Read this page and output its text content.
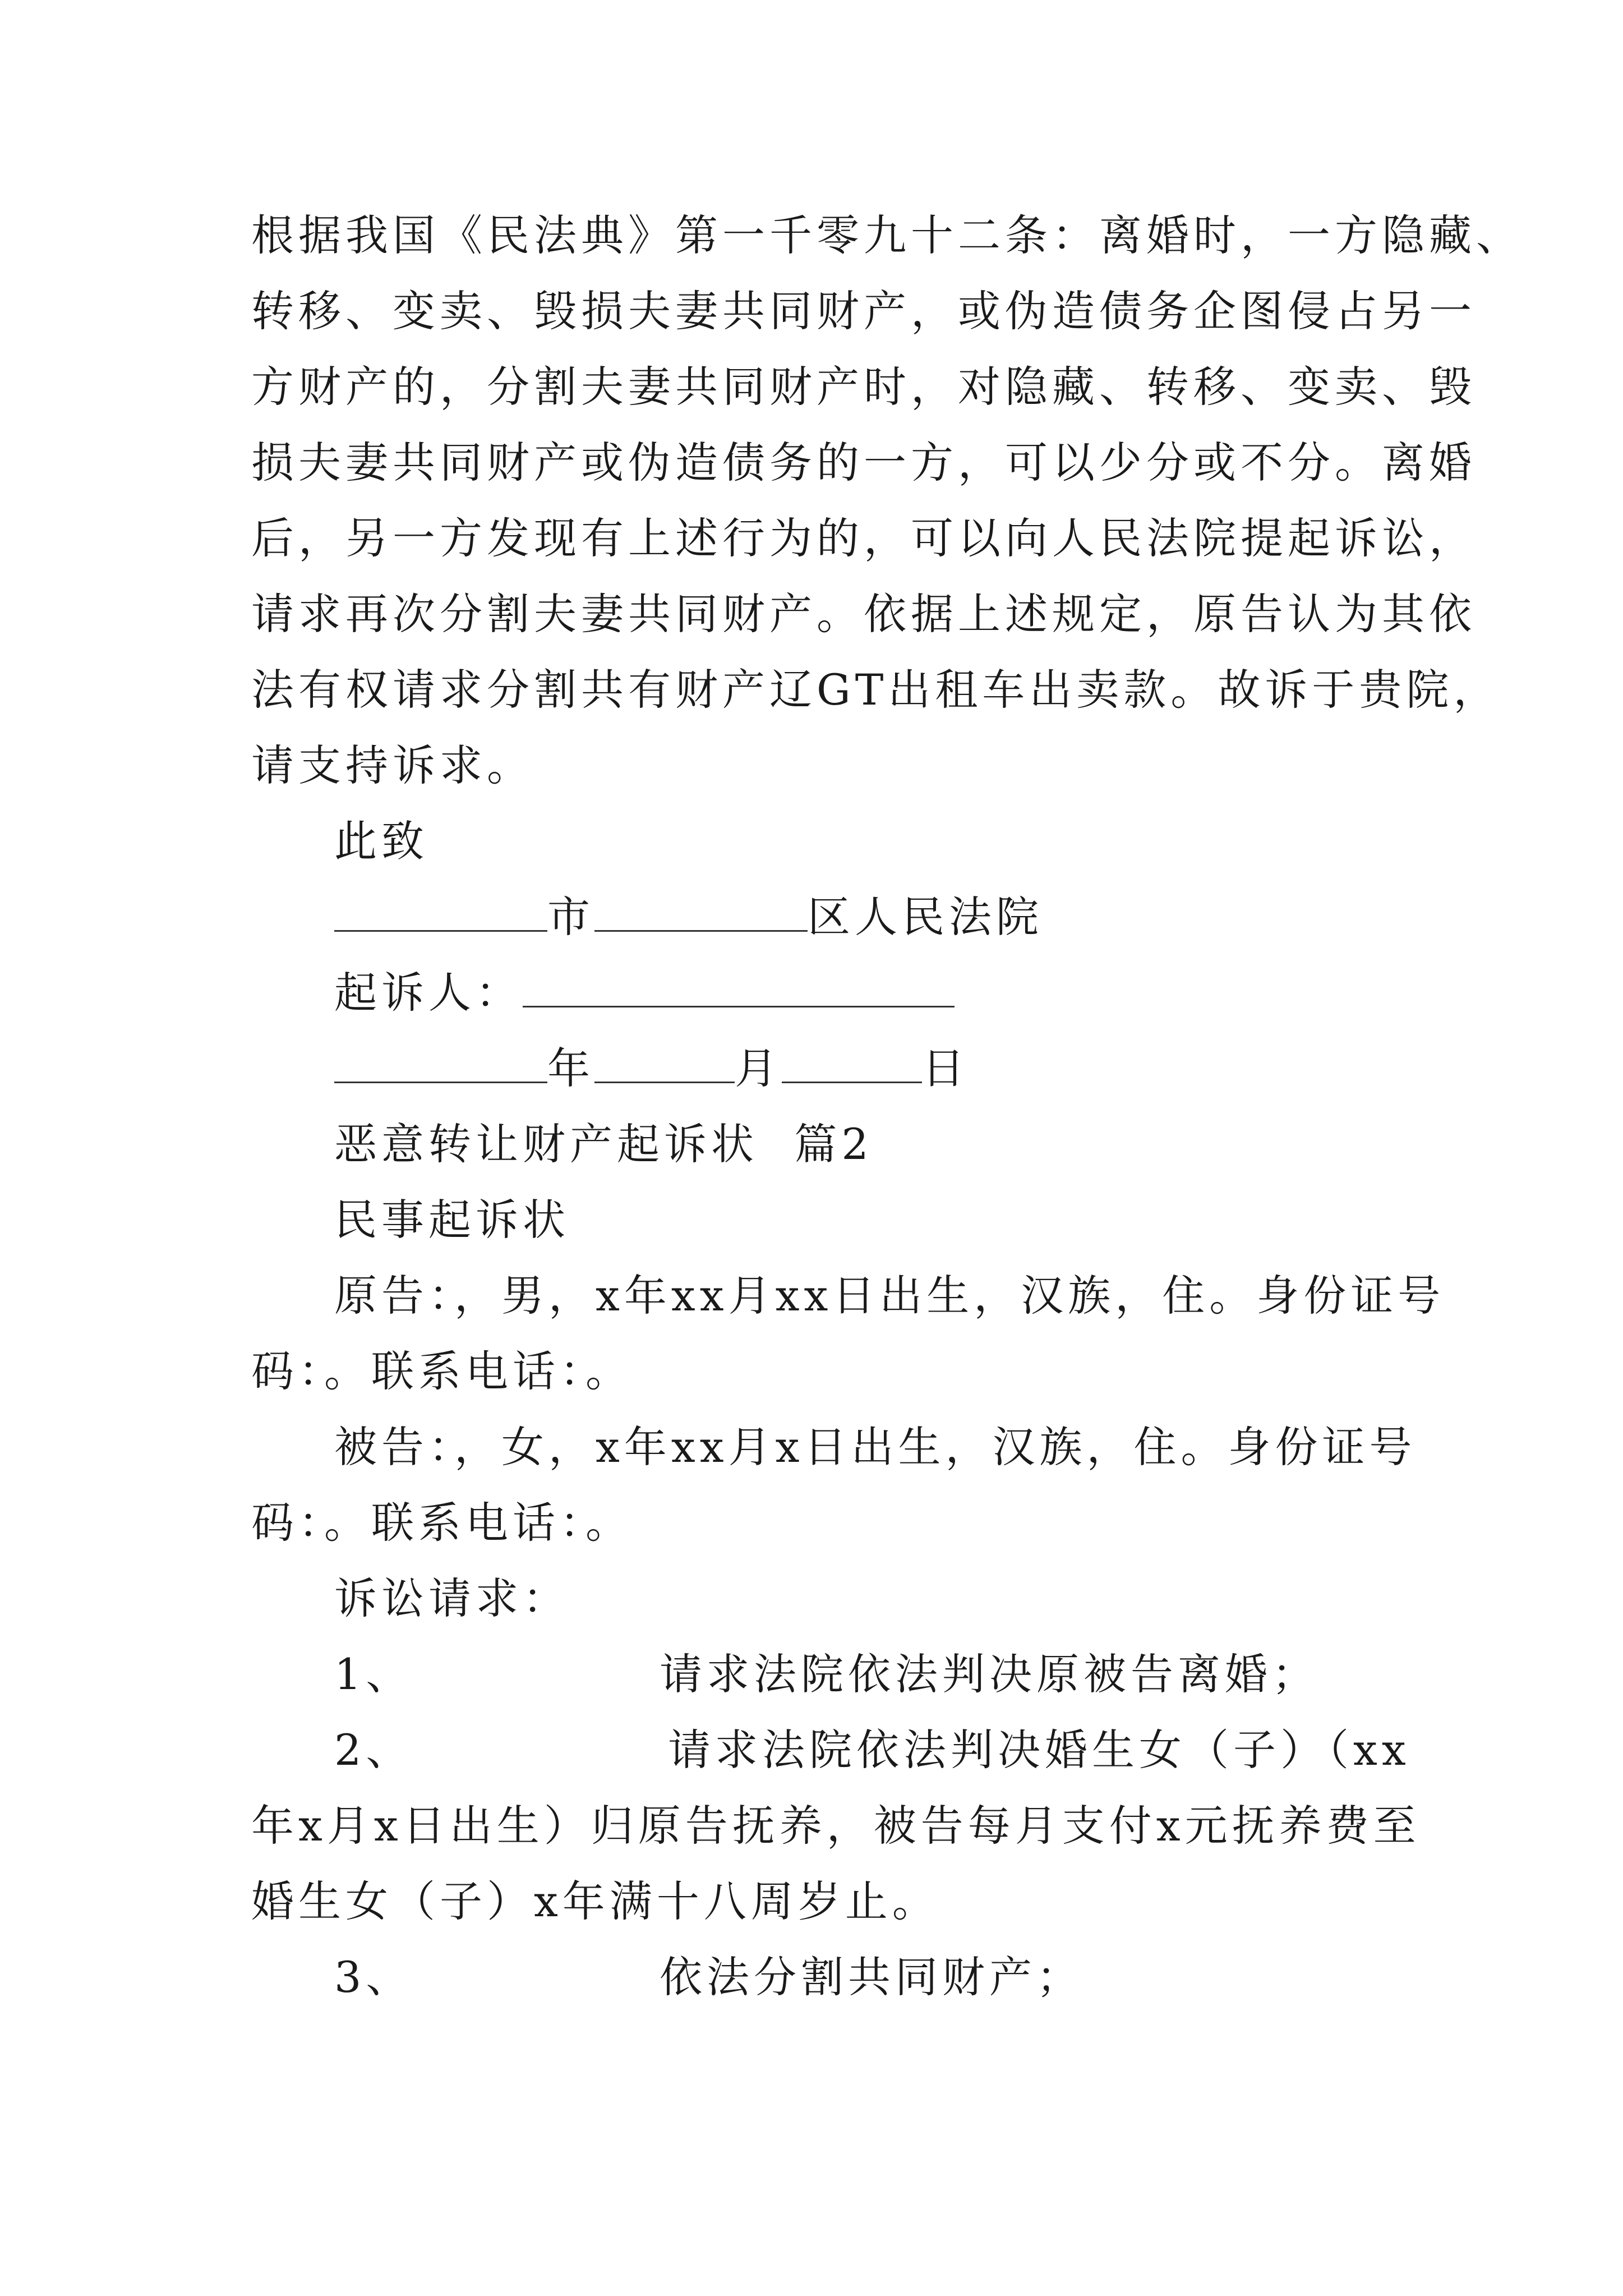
根据我国《民法典》第一千零九十二条：离婚时，一方隐藏、
转移、变卖、毁损夫妻共同财产，或伪造债务企图侵占另一
方财产的，分割夫妻共同财产时，对隐藏、转移、变卖、毁
损夫妻共同财产或伪造债务的一方，可以少分或不分。离婚
后，另一方发现有上述行为的，可以向人民法院提起诉讼，
请求再次分割夫妻共同财产。依据上述规定，原告认为其依
法有权请求分割共有财产辽GT出租车出卖款。故诉于贵院，
请支持诉求。
此致
市	区人民法院
起诉人：
年	月	日
恶意转让财产起诉状  篇2
民事起诉状
原告：，男，x年xx月xx日出生，汉族，住。身份证号
码：。联系电话：。
被告：，女，x年xx月x日出生，汉族，住。身份证号
码：。联系电话：。
诉讼请求：
1、	请求法院依法判决原被告离婚；
2、	请求法院依法判决婚生女（子）（xx
年x月x日出生）归原告抚养，被告每月支付x元抚养费至
婚生女（子）x年满十八周岁止。
3、	依法分割共同财产；
